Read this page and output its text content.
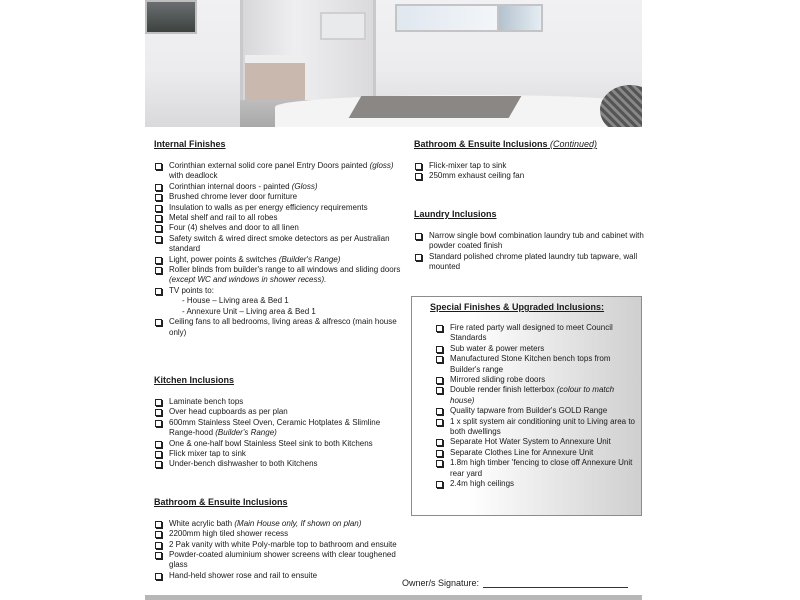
Internal Finishes
Corinthian external solid core panel Entry Doors painted (gloss) with deadlock
Corinthian internal doors - painted (Gloss)
Brushed chrome lever door furniture
Insulation to walls as per energy efficiency requirements
Metal shelf and rail to all robes
Four (4) shelves and door to all linen
Safety switch & wired direct smoke detectors as per Australian standard
Light, power points & switches (Builder's Range)
Roller blinds from builder's range to all windows and sliding doors (except WC and windows in shower recess).
TV points to:
- House – Living area & Bed 1
- Annexure Unit – Living area & Bed 1
Ceiling fans to all bedrooms, living areas & alfresco (main house only)
Kitchen Inclusions
Laminate bench tops
Over head cupboards as per plan
600mm Stainless Steel Oven, Ceramic Hotplates & Slimline Range-hood (Builder's Range)
One & one-half bowl Stainless Steel sink to both Kitchens
Flick mixer tap to sink
Under-bench dishwasher to both Kitchens
Bathroom & Ensuite Inclusions
White acrylic bath (Main House only, If shown on plan)
2200mm high tiled shower recess
2 Pak vanity with white Poly-marble top to bathroom and ensuite
Powder-coated aluminium shower screens with clear toughened glass
Hand-held shower rose and rail to ensuite
Bathroom & Ensuite Inclusions (Continued)
Flick-mixer tap to sink
250mm exhaust ceiling fan
Laundry Inclusions
Narrow single bowl combination laundry tub and cabinet with powder coated finish
Standard polished chrome plated laundry tub tapware, wall mounted
Special Finishes & Upgraded Inclusions:
Fire rated party wall designed to meet Council Standards
Sub water & power meters
Manufactured Stone Kitchen bench tops from Builder's range
Mirrored sliding robe doors
Double render finish letterbox (colour to match house)
Quality tapware from Builder's GOLD Range
1 x split system air conditioning unit to Living area to both dwellings
Separate Hot Water System to Annexure Unit
Separate Clothes Line for Annexure Unit
1.8m high timber 'fencing to close off Annexure Unit rear yard
2.4m high ceilings
Owner/s Signature:
